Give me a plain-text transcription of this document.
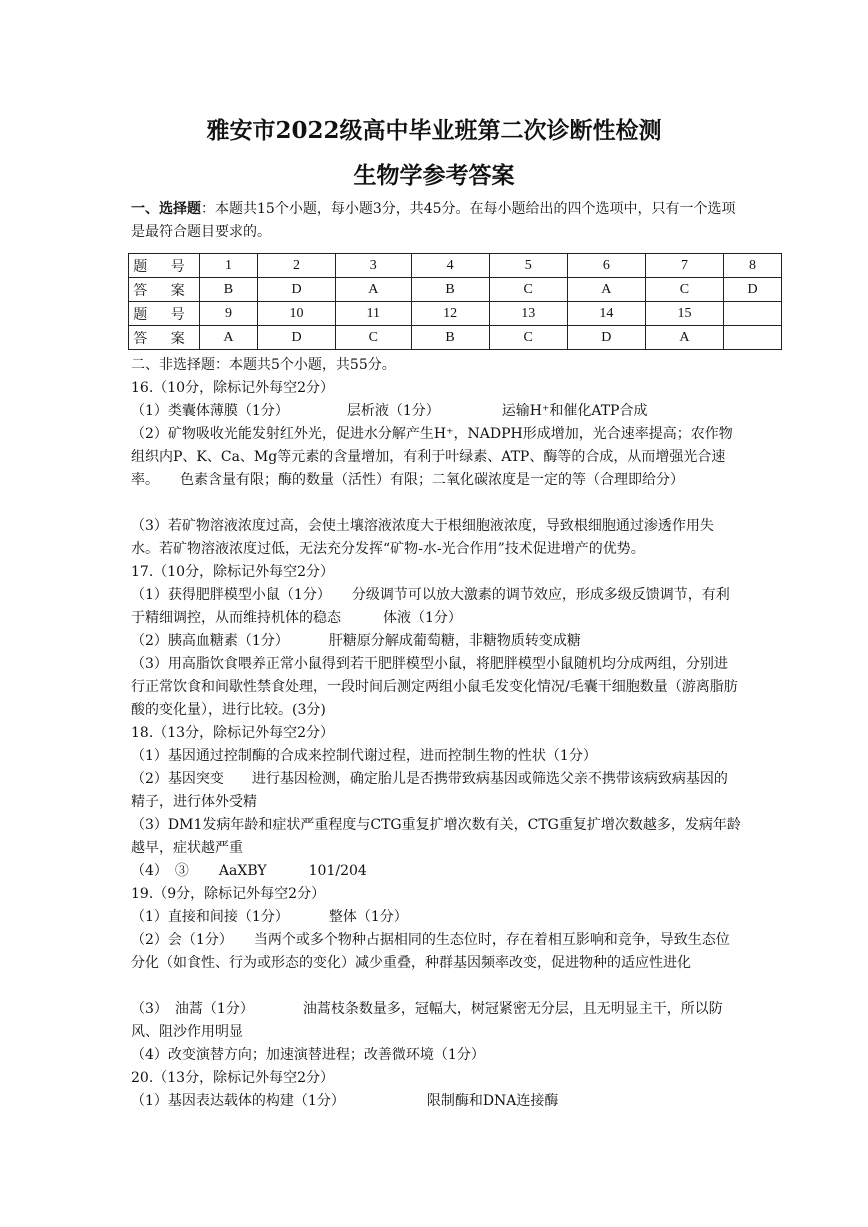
雅安市2022级高中毕业班第二次诊断性检测
生物学参考答案
一、选择题：本题共15个小题，每小题3分，共45分。在每小题给出的四个选项中，只有一个选项是最符合题目要求的。
题 号	1	2	3	4	5	6	7	8
答 案	B	D	A	B	C	A	C	D
题 号	9	10	11	12	13	14	15	
答 案	A	D	C	B	C	D	A	
二、非选择题：本题共5个小题，共55分。
16.（10分，除标记外每空2分）
（1）类囊体薄膜（1分）	层析液（1分）	运输H⁺和催化ATP合成
（2）矿物吸收光能发射红外光，促进水分解产生H⁺，NADPH形成增加，光合速率提高；农作物组织内P、K、Ca、Mg等元素的含量增加，有利于叶绿素、ATP、酶等的合成，从而增强光合速率。　　色素含量有限；酶的数量（活性）有限；二氧化碳浓度是一定的等（合理即给分）
（3）若矿物溶液浓度过高，会使土壤溶液浓度大于根细胞液浓度，导致根细胞通过渗透作用失水。若矿物溶液浓度过低，无法充分发挥“矿物-水-光合作用”技术促进增产的优势。
17.（10分，除标记外每空2分）
（1）获得肥胖模型小鼠（1分）　　分级调节可以放大激素的调节效应，形成多级反馈调节，有利于精细调控，从而维持机体的稳态　　　体液（1分）
（2）胰高血糖素（1分）	肝糖原分解成葡萄糖，非糖物质转变成糖
（3）用高脂饮食喂养正常小鼠得到若干肥胖模型小鼠，将肥胖模型小鼠随机均分成两组，分别进行正常饮食和间歇性禁食处理，一段时间后测定两组小鼠毛发变化情况/毛囊干细胞数量（游离脂肪酸的变化量），进行比较。(3分)
18.（13分，除标记外每空2分）
（1）基因通过控制酶的合成来控制代谢过程，进而控制生物的性状（1分）
（2）基因突变　　进行基因检测，确定胎儿是否携带致病基因或筛选父亲不携带该病致病基因的精子，进行体外受精
（3）DM1发病年龄和症状严重程度与CTG重复扩增次数有关，CTG重复扩增次数越多，发病年龄越早，症状越严重
（4）　③ AaXBY	101/204
19.（9分，除标记外每空2分）
（1）直接和间接（1分）	整体（1分）
（2）会（1分）　　当两个或多个物种占据相同的生态位时，存在着相互影响和竞争，导致生态位分化（如食性、行为或形态的变化）减少重叠，种群基因频率改变，促进物种的适应性进化
（3）　油蒿（1分）　　　　油蒿枝条数量多，冠幅大，树冠紧密无分层，且无明显主干，所以防风、阻沙作用明显
（4）改变演替方向；加速演替进程；改善微环境（1分）
20.（13分，除标记外每空2分）
（1）基因表达载体的构建（1分）	限制酶和DNA连接酶
